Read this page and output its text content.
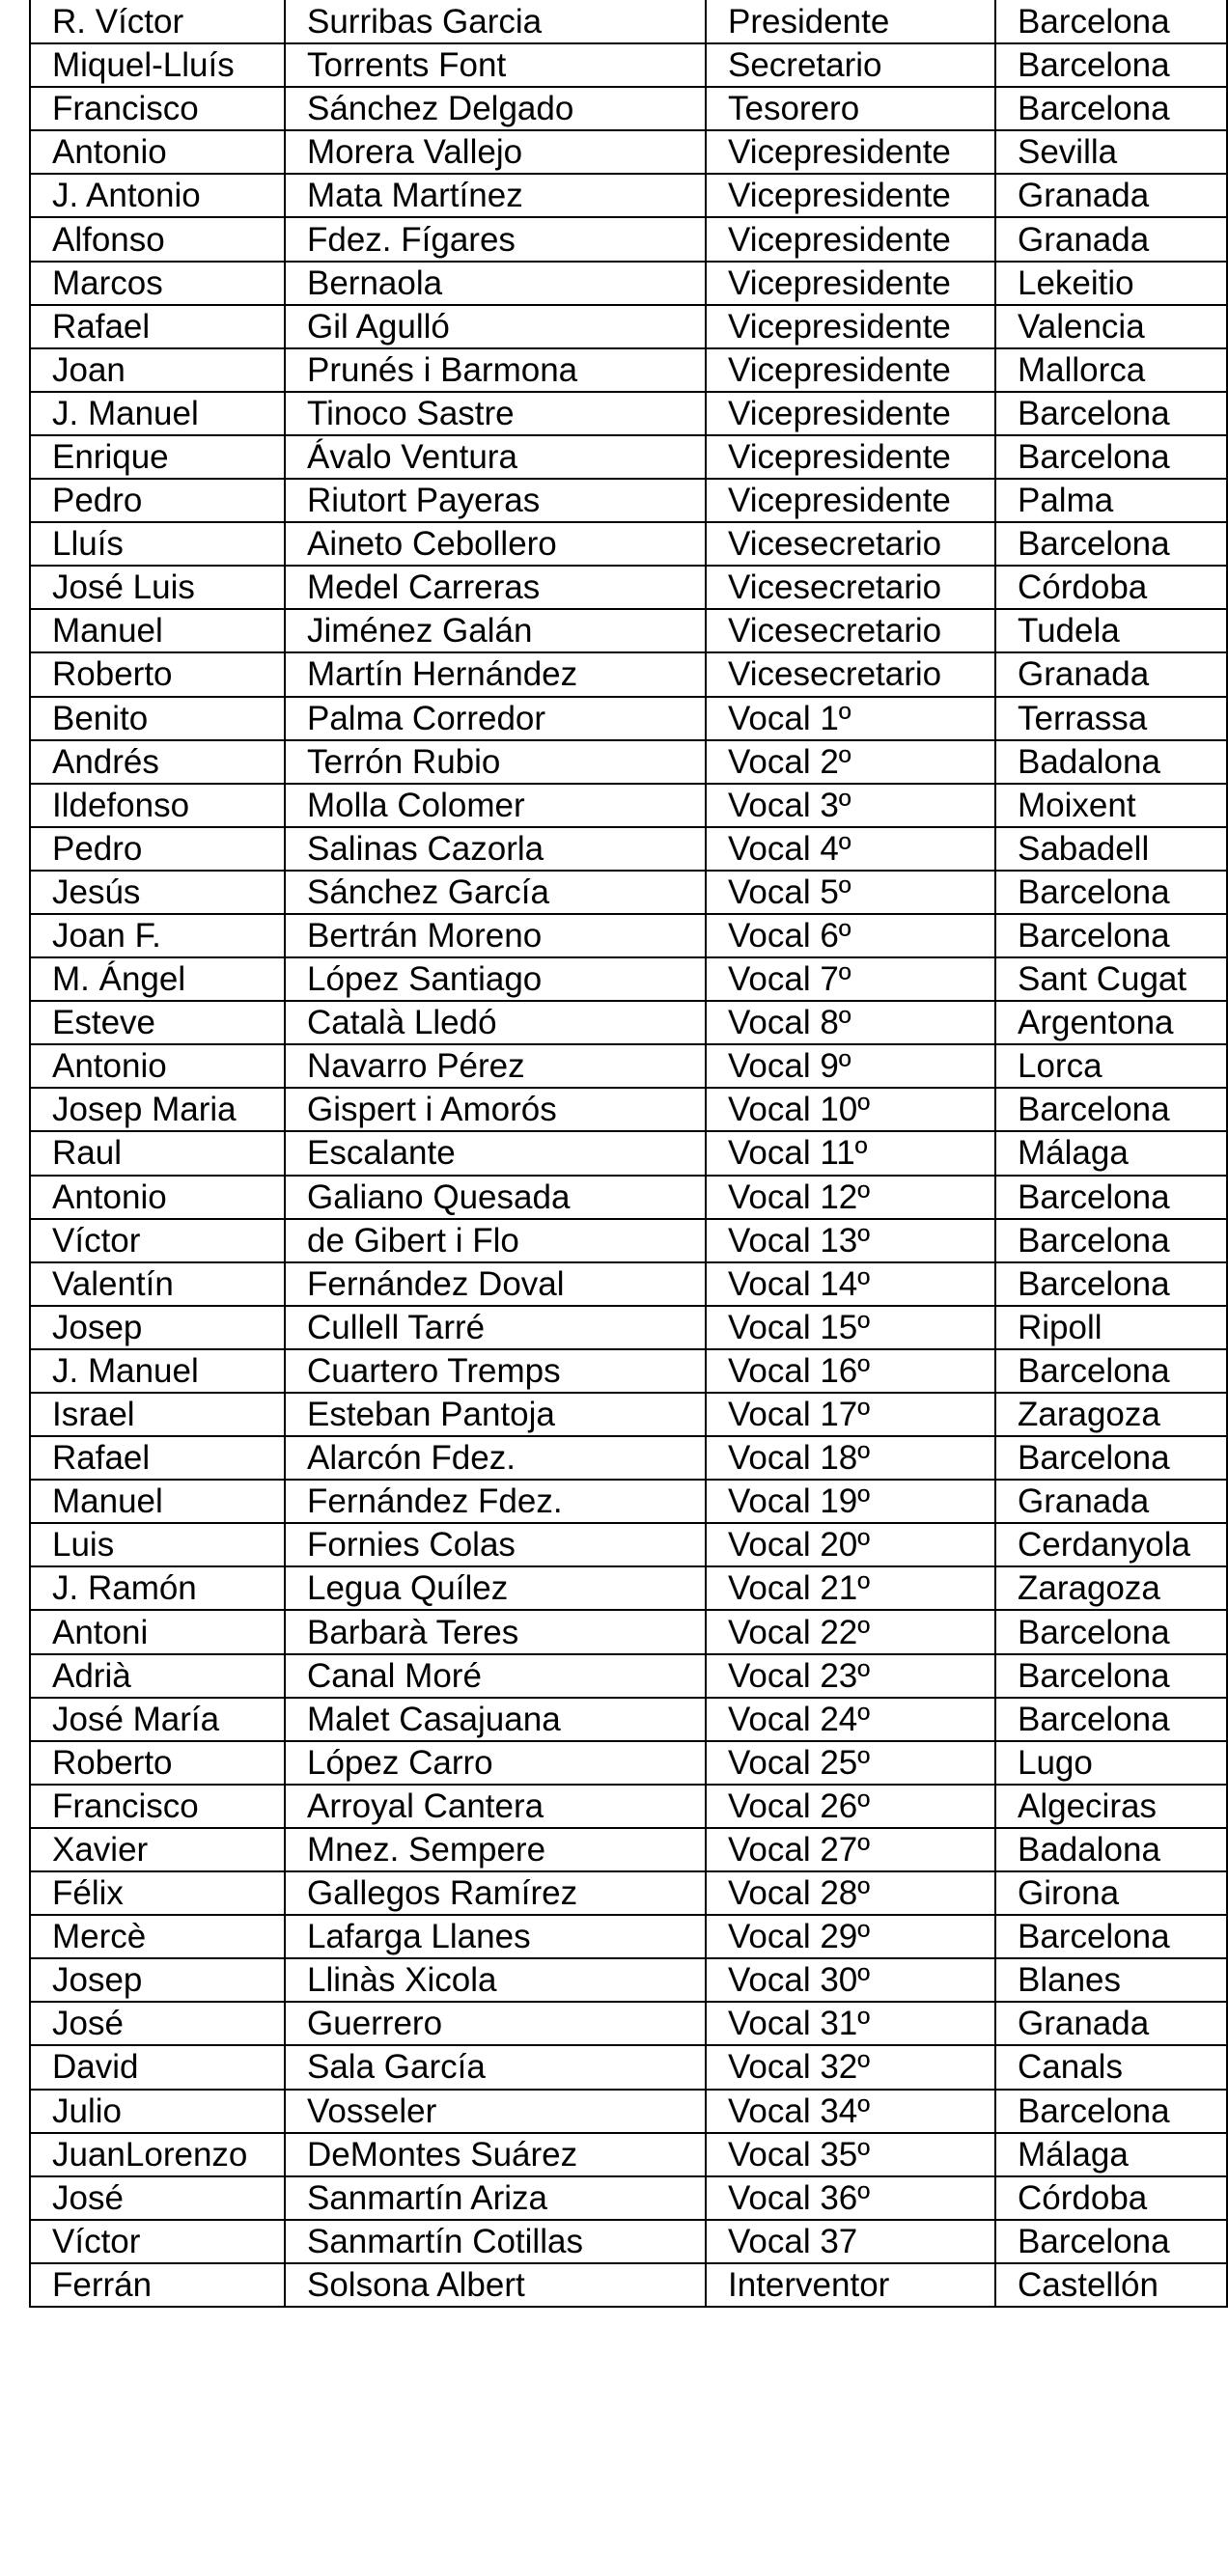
R. Víctor	Surribas Garcia	Presidente	Barcelona
Miquel-Lluís	Torrents Font	Secretario	Barcelona
Francisco	Sánchez Delgado	Tesorero	Barcelona
Antonio	Morera Vallejo	Vicepresidente	Sevilla
J. Antonio	Mata Martínez	Vicepresidente	Granada
Alfonso	Fdez. Fígares	Vicepresidente	Granada
Marcos	Bernaola	Vicepresidente	Lekeitio
Rafael	Gil Agulló	Vicepresidente	Valencia
Joan	Prunés i Barmona	Vicepresidente	Mallorca
J. Manuel	Tinoco Sastre	Vicepresidente	Barcelona
Enrique	Ávalo Ventura	Vicepresidente	Barcelona
Pedro	Riutort Payeras	Vicepresidente	Palma
Lluís	Aineto Cebollero	Vicesecretario	Barcelona
José Luis	Medel Carreras	Vicesecretario	Córdoba
Manuel	Jiménez Galán	Vicesecretario	Tudela
Roberto	Martín Hernández	Vicesecretario	Granada
Benito	Palma Corredor	Vocal 1º	Terrassa
Andrés	Terrón Rubio	Vocal 2º	Badalona
Ildefonso	Molla Colomer	Vocal 3º	Moixent
Pedro	Salinas Cazorla	Vocal 4º	Sabadell
Jesús	Sánchez García	Vocal 5º	Barcelona
Joan F.	Bertrán Moreno	Vocal 6º	Barcelona
M. Ángel	López Santiago	Vocal 7º	Sant Cugat
Esteve	Català Lledó	Vocal 8º	Argentona
Antonio	Navarro Pérez	Vocal 9º	Lorca
Josep Maria	Gispert i Amorós	Vocal 10º	Barcelona
Raul	Escalante	Vocal 11º	Málaga
Antonio	Galiano Quesada	Vocal 12º	Barcelona
Víctor	de Gibert i Flo	Vocal 13º	Barcelona
Valentín	Fernández Doval	Vocal 14º	Barcelona
Josep	Cullell Tarré	Vocal 15º	Ripoll
J. Manuel	Cuartero Tremps	Vocal 16º	Barcelona
Israel	Esteban Pantoja	Vocal 17º	Zaragoza
Rafael	Alarcón Fdez.	Vocal 18º	Barcelona
Manuel	Fernández Fdez.	Vocal 19º	Granada
Luis	Fornies Colas	Vocal 20º	Cerdanyola
J. Ramón	Legua Quílez	Vocal 21º	Zaragoza
Antoni	Barbarà Teres	Vocal 22º	Barcelona
Adrià	Canal Moré	Vocal 23º	Barcelona
José María	Malet Casajuana	Vocal 24º	Barcelona
Roberto	López Carro	Vocal 25º	Lugo
Francisco	Arroyal Cantera	Vocal 26º	Algeciras
Xavier	Mnez. Sempere	Vocal 27º	Badalona
Félix	Gallegos Ramírez	Vocal 28º	Girona
Mercè	Lafarga Llanes	Vocal 29º	Barcelona
Josep	Llinàs Xicola	Vocal 30º	Blanes
José	Guerrero	Vocal 31º	Granada
David	Sala García	Vocal 32º	Canals
Julio	Vosseler	Vocal 34º	Barcelona
JuanLorenzo	DeMontes Suárez	Vocal 35º	Málaga
José	Sanmartín Ariza	Vocal 36º	Córdoba
Víctor	Sanmartín Cotillas	Vocal 37	Barcelona
Ferrán	Solsona Albert	Interventor	Castellón
